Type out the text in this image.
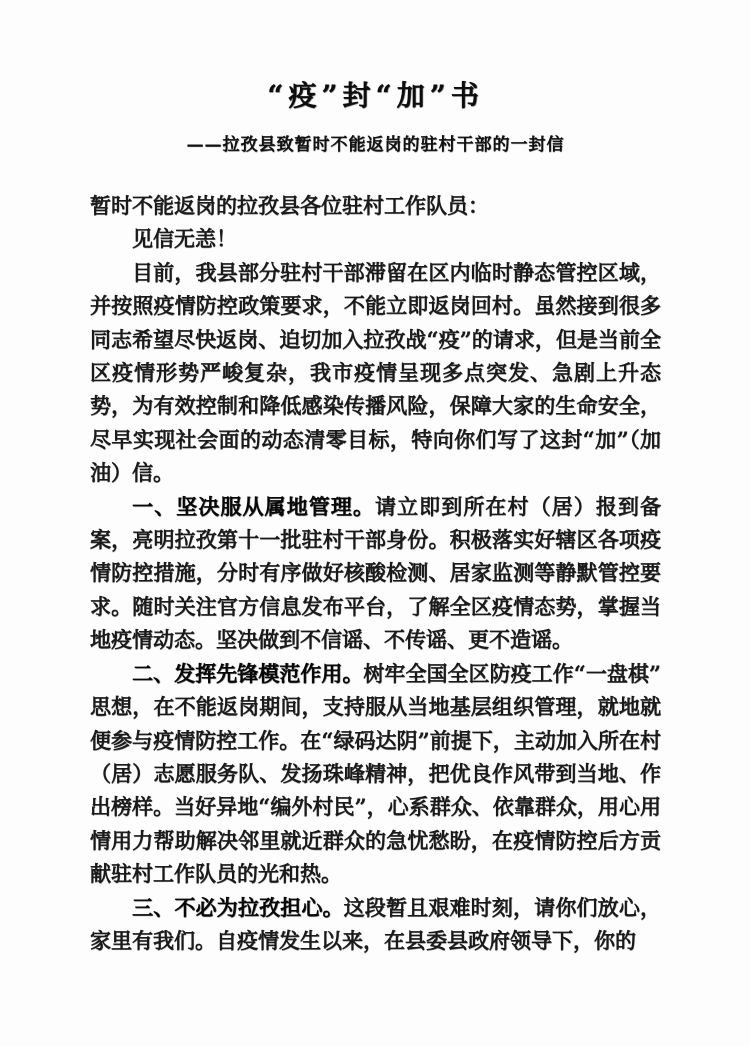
“疫”封“加”书
——拉孜县致暂时不能返岗的驻村干部的一封信

暂时不能返岗的拉孜县各位驻村工作队员：

见信无恙！

目前，我县部分驻村干部滞留在区内临时静态管控区域，并按照疫情防控政策要求，不能立即返岗回村。虽然接到很多同志希望尽快返岗、迫切加入拉孜战“疫”的请求，但是当前全区疫情形势严峻复杂，我市疫情呈现多点突发、急剧上升态势，为有效控制和降低感染传播风险，保障大家的生命安全，尽早实现社会面的动态清零目标，特向你们写了这封“加”（加油）信。

一、坚决服从属地管理。请立即到所在村（居）报到备案，亮明拉孜第十一批驻村干部身份。积极落实好辖区各项疫情防控措施，分时有序做好核酸检测、居家监测等静默管控要求。随时关注官方信息发布平台，了解全区疫情态势，掌握当地疫情动态。坚决做到不信谣、不传谣、更不造谣。

二、发挥先锋模范作用。树牢全国全区防疫工作“一盘棋”思想，在不能返岗期间，支持服从当地基层组织管理，就地就便参与疫情防控工作。在“绿码达阴”前提下，主动加入所在村（居）志愿服务队、发扬珠峰精神，把优良作风带到当地、作出榜样。当好异地“编外村民”，心系群众、依靠群众，用心用情用力帮助解决邻里就近群众的急忧愁盼，在疫情防控后方贡献驻村工作队员的光和热。

三、不必为拉孜担心。这段暂且艰难时刻，请你们放心，家里有我们。自疫情发生以来，在县委县政府领导下，你的
